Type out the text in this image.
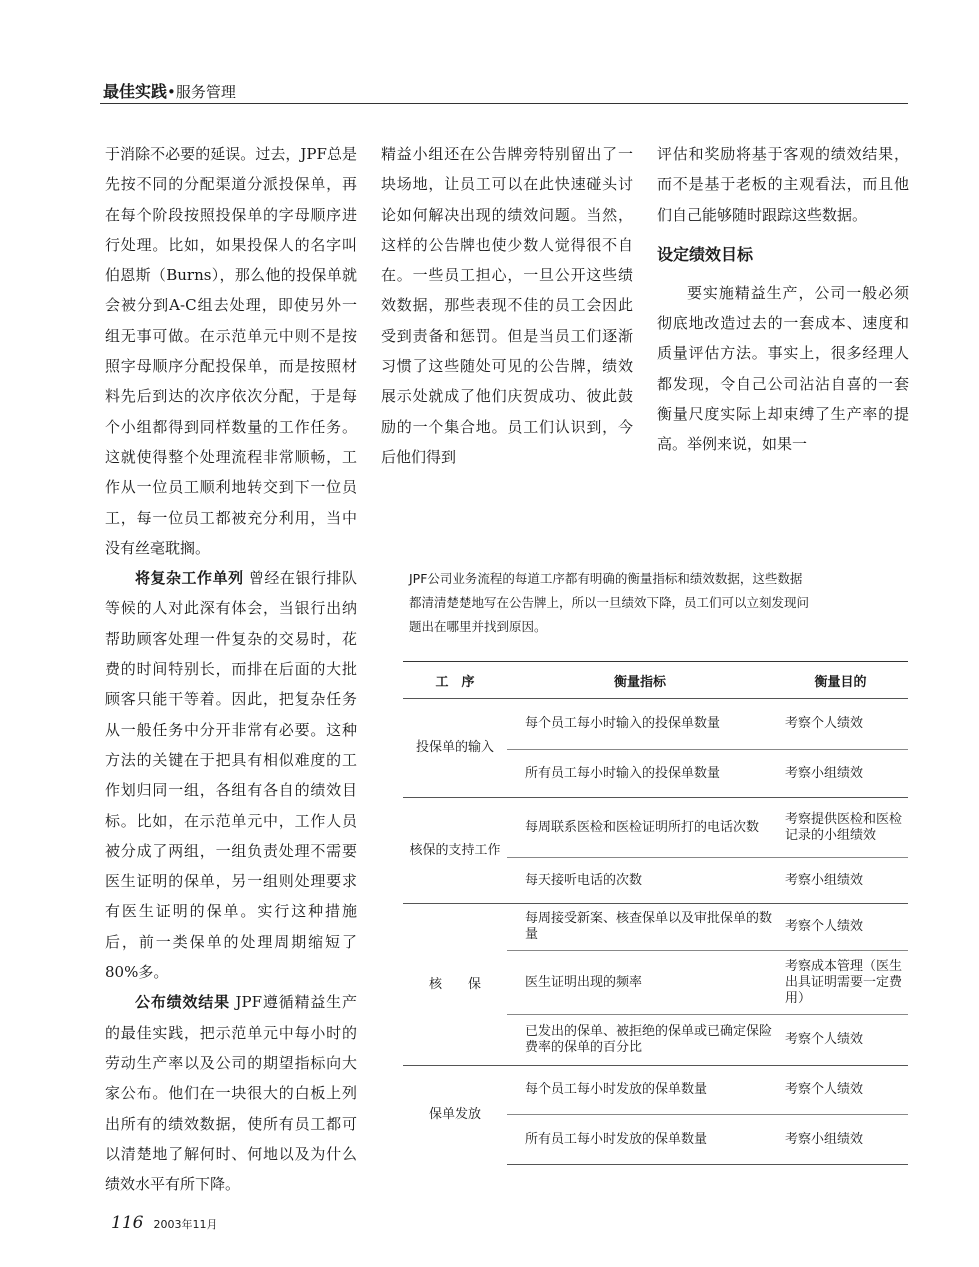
最佳实践•服务管理

于消除不必要的延误。过去，JPF总是先按不同的分配渠道分派投保单，再在每个阶段按照投保单的字母顺序进行处理。比如，如果投保人的名字叫伯恩斯（Burns），那么他的投保单就会被分到A-C组去处理，即使另外一组无事可做。在示范单元中则不是按照字母顺序分配投保单，而是按照材料先后到达的次序依次分配，于是每个小组都得到同样数量的工作任务。这就使得整个处理流程非常顺畅，工作从一位员工顺利地转交到下一位员工，每一位员工都被充分利用，当中没有丝毫耽搁。

将复杂工作单列 曾经在银行排队等候的人对此深有体会，当银行出纳帮助顾客处理一件复杂的交易时，花费的时间特别长，而排在后面的大批顾客只能干等着。因此，把复杂任务从一般任务中分开非常有必要。这种方法的关键在于把具有相似难度的工作划归同一组，各组有各自的绩效目标。比如，在示范单元中，工作人员被分成了两组，一组负责处理不需要医生证明的保单，另一组则处理要求有医生证明的保单。实行这种措施后，前一类保单的处理周期缩短了80%多。

公布绩效结果 JPF遵循精益生产的最佳实践，把示范单元中每小时的劳动生产率以及公司的期望指标向大家公布。他们在一块很大的白板上列出所有的绩效数据，使所有员工都可以清楚地了解何时、何地以及为什么绩效水平有所下降。

精益小组还在公告牌旁特别留出了一块场地，让员工可以在此快速碰头讨论如何解决出现的绩效问题。当然，这样的公告牌也使少数人觉得很不自在。一些员工担心，一旦公开这些绩效数据，那些表现不佳的员工会因此受到责备和惩罚。但是当员工们逐渐习惯了这些随处可见的公告牌，绩效展示处就成了他们庆贺成功、彼此鼓励的一个集合地。员工们认识到，今后他们得到

评估和奖励将基于客观的绩效结果，而不是基于老板的主观看法，而且他们自己能够随时跟踪这些数据。

设定绩效目标

要实施精益生产，公司一般必须彻底地改造过去的一套成本、速度和质量评估方法。事实上，很多经理人都发现，令自己公司沾沾自喜的一套衡量尺度实际上却束缚了生产率的提高。举例来说，如果一

JPF公司业务流程的每道工序都有明确的衡量指标和绩效数据，这些数据都清清楚楚地写在公告牌上，所以一旦绩效下降，员工们可以立刻发现问题出在哪里并找到原因。
工　序	衡量指标	衡量目的
投保单的输入	每个员工每小时输入的投保单数量	考察个人绩效
	所有员工每小时输入的投保单数量	考察小组绩效
核保的支持工作	每周联系医检和医检证明所打的电话次数	考察提供医检和医检记录的小组绩效
	每天接听电话的次数	考察小组绩效
核　　保	每周接受新案、核查保单以及审批保单的数量	考察个人绩效
	医生证明出现的频率	考察成本管理（医生出具证明需要一定费用）
	已发出的保单、被拒绝的保单或已确定保险费率的保单的百分比	考察个人绩效
保单发放	每个员工每小时发放的保单数量	考察个人绩效
	所有员工每小时发放的保单数量	考察小组绩效
116 2003年11月
